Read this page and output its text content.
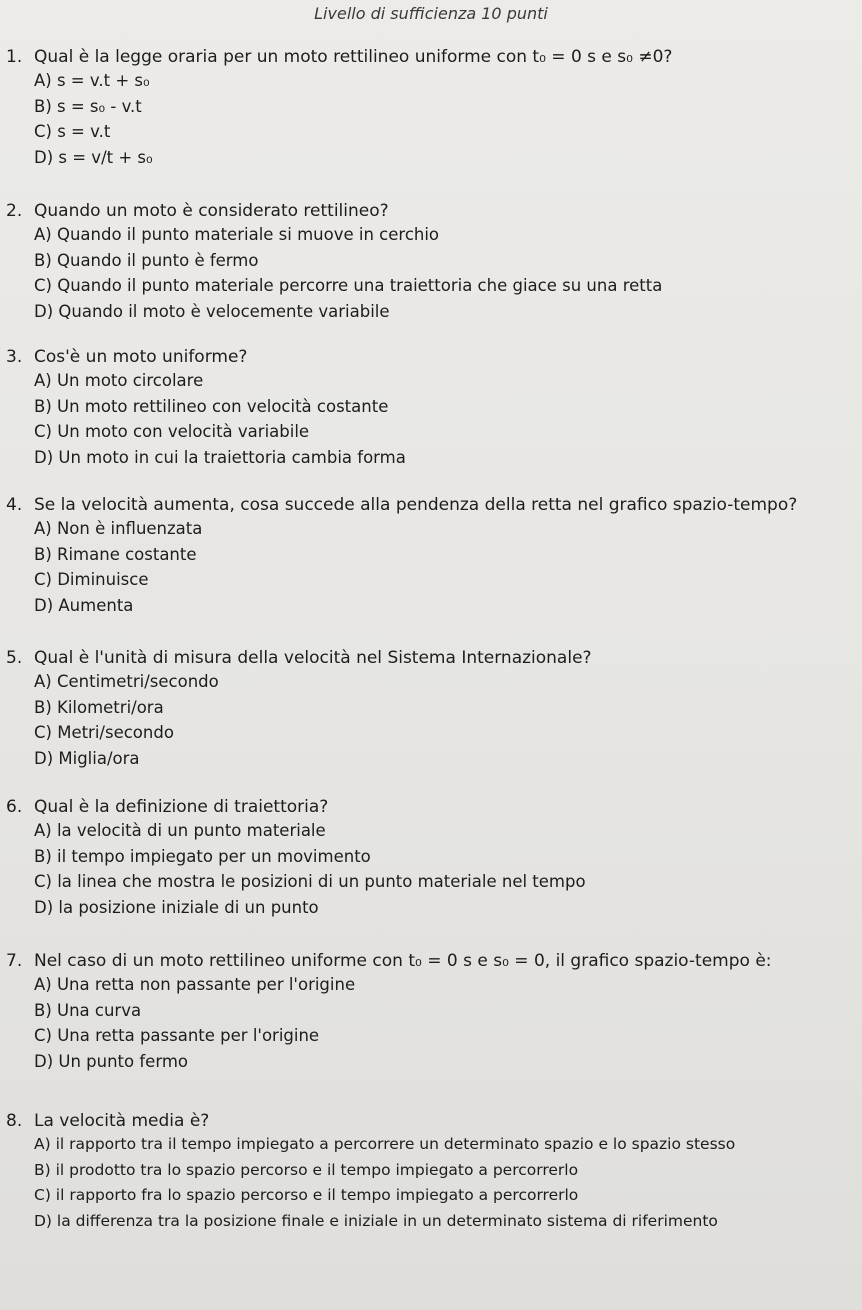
Livello di sufficienza 10 punti
1. Qual è la legge oraria per un moto rettilineo uniforme con t₀ = 0 s e s₀ ≠0?
A) s = v.t + s₀
B) s = s₀ - v.t
C) s = v.t
D) s = v/t + s₀
2. Quando un moto è considerato rettilineo?
A) Quando il punto materiale si muove in cerchio
B) Quando il punto è fermo
C) Quando il punto materiale percorre una traiettoria che giace su una retta
D) Quando il moto è velocemente variabile
3. Cos'è un moto uniforme?
A) Un moto circolare
B) Un moto rettilineo con velocità costante
C) Un moto con velocità variabile
D) Un moto in cui la traiettoria cambia forma
4. Se la velocità aumenta, cosa succede alla pendenza della retta nel grafico spazio-tempo?
A) Non è influenzata
B) Rimane costante
C) Diminuisce
D) Aumenta
5. Qual è l'unità di misura della velocità nel Sistema Internazionale?
A) Centimetri/secondo
B) Kilometri/ora
C) Metri/secondo
D) Miglia/ora
6. Qual è la definizione di traiettoria?
A) la velocità di un punto materiale
B) il tempo impiegato per un movimento
C) la linea che mostra le posizioni di un punto materiale nel tempo
D) la posizione iniziale di un punto
7. Nel caso di un moto rettilineo uniforme con t₀ = 0 s e s₀ = 0, il grafico spazio-tempo è:
A) Una retta non passante per l'origine
B) Una curva
C) Una retta passante per l'origine
D) Un punto fermo
8. La velocità media è?
A) il rapporto tra il tempo impiegato a percorrere un determinato spazio e lo spazio stesso
B) il prodotto tra lo spazio percorso e il tempo impiegato a percorrerlo
C) il rapporto fra lo spazio percorso e il tempo impiegato a percorrerlo
D) la differenza tra la posizione finale e iniziale in un determinato sistema di riferimento
